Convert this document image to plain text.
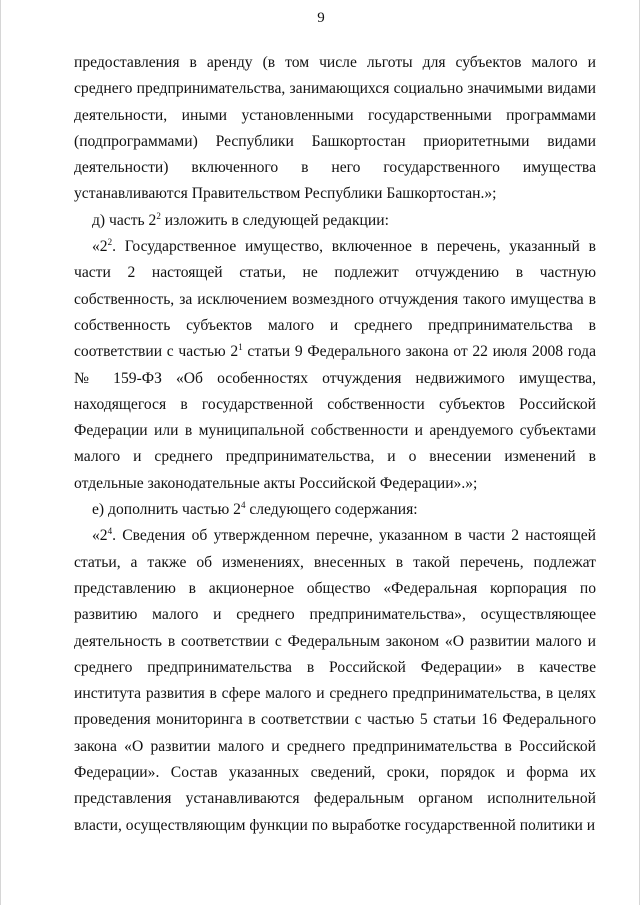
9

предоставления в аренду (в том числе льготы для субъектов малого и среднего предпринимательства, занимающихся социально значимыми видами деятельности, иными установленными государственными программами (подпрограммами) Республики Башкортостан приоритетными видами деятельности) включенного в него государственного имущества устанавливаются Правительством Республики Башкортостан.»;

д) часть $2^2$ изложить в следующей редакции:

«$2^2$. Государственное имущество, включенное в перечень, указанный в части 2 настоящей статьи, не подлежит отчуждению в частную собственность, за исключением возмездного отчуждения такого имущества в собственность субъектов малого и среднего предпринимательства в соответствии с частью $2^1$ статьи 9 Федерального закона от 22 июля 2008 года № 159-ФЗ «Об особенностях отчуждения недвижимого имущества, находящегося в государственной собственности субъектов Российской Федерации или в муниципальной собственности и арендуемого субъектами малого и среднего предпринимательства, и о внесении изменений в отдельные законодательные акты Российской Федерации».»;

е) дополнить частью $2^4$ следующего содержания:

«$2^4$. Сведения об утвержденном перечне, указанном в части 2 настоящей статьи, а также об изменениях, внесенных в такой перечень, подлежат представлению в акционерное общество «Федеральная корпорация по развитию малого и среднего предпринимательства», осуществляющее деятельность в соответствии с Федеральным законом «О развитии малого и среднего предпринимательства в Российской Федерации» в качестве института развития в сфере малого и среднего предпринимательства, в целях проведения мониторинга в соответствии с частью 5 статьи 16 Федерального закона «О развитии малого и среднего предпринимательства в Российской Федерации». Состав указанных сведений, сроки, порядок и форма их представления устанавливаются федеральным органом исполнительной власти, осуществляющим функции по выработке государственной политики и
